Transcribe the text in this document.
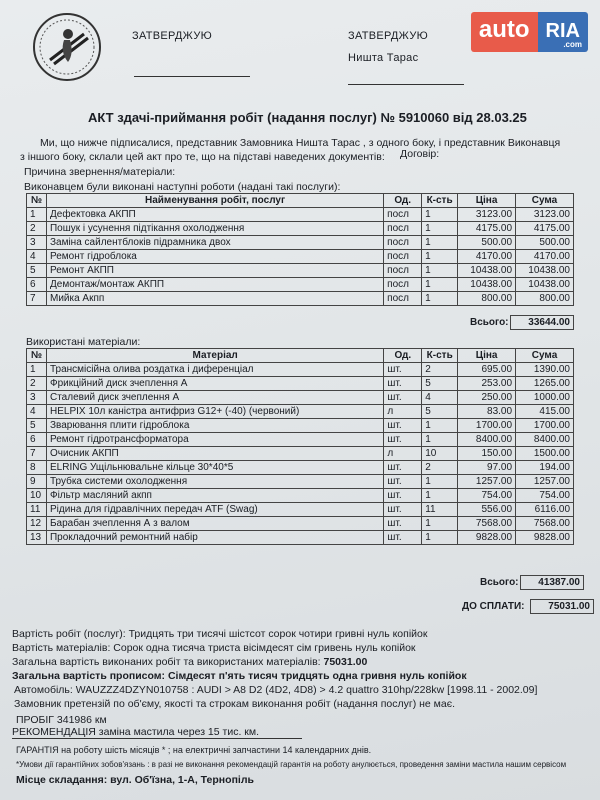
ЗАТВЕРДЖУЮ	ЗАТВЕРДЖУЮ
Ништа Тарас
auto RIA
.com
АКТ здачі-приймання робіт (надання послуг) № 5910060 від 28.03.25
Ми, що нижче підписалися, представник Замовника Ништа Тарас , з одного боку, і представник Виконавця
з іншого боку, склали цей акт про те, що на підставі наведених документів: Договір:
Причина звернення/матеріали:
Виконавцем були виконані наступні роботи (надані такі послуги):
№	Найменування робіт, послуг	Од.	К-сть	Ціна	Сума
1	Дефектовка АКПП	посл	1	3123.00	3123.00
2	Пошук і усунення підтікання охолодження	посл	1	4175.00	4175.00
3	Заміна сайлентблоків підрамника двох	посл	1	500.00	500.00
4	Ремонт гідроблока	посл	1	4170.00	4170.00
5	Ремонт АКПП	посл	1	10438.00	10438.00
6	Демонтаж/монтаж АКПП	посл	1	10438.00	10438.00
7	Мийка Акпп	посл	1	800.00	800.00
Всього:	33644.00
Використані матеріали:
№	Матеріал	Од.	К-сть	Ціна	Сума
1	Трансмісійна олива роздатка і диференціал	шт.	2	695.00	1390.00
2	Фрикційний диск зчеплення А	шт.	5	253.00	1265.00
3	Сталевий диск зчеплення А	шт.	4	250.00	1000.00
4	HELPIX 10л каністра антифриз G12+ (-40) (червоний)	л	5	83.00	415.00
5	Зварювання плити гідроблока	шт.	1	1700.00	1700.00
6	Ремонт гідротрансформатора	шт.	1	8400.00	8400.00
7	Очисник АКПП	л	10	150.00	1500.00
8	ELRING Ущільнювальне кільце 30*40*5	шт.	2	97.00	194.00
9	Трубка системи охолодження	шт.	1	1257.00	1257.00
10	Фільтр масляний акпп	шт.	1	754.00	754.00
11	Рідина для гідравлічних передач ATF (Swag)	шт.	11	556.00	6116.00
12	Барабан зчеплення А з валом	шт.	1	7568.00	7568.00
13	Прокладочний ремонтний набір	шт.	1	9828.00	9828.00
Всього:	41387.00
ДО СПЛАТИ:	75031.00
Вартість робіт (послуг): Тридцять три тисячі шістсот сорок чотири гривні нуль копійок
Вартість матеріалів: Сорок одна тисяча триста вісімдесят сім гривень нуль копійок
Загальна вартість виконаних робіт та використаних матеріалів: 75031.00
Загальна вартість прописом: Сімдесят п'ять тисяч тридцять одна гривня нуль копійок
Автомобіль: WAUZZZ4DZYN010758 : AUDI > A8 D2 (4D2, 4D8) > 4.2 quattro 310hp/228kw [1998.11 - 2002.09]
Замовник претензій по об'єму, якості та строкам виконання робіт (надання послуг) не має.
ПРОБІГ 341986 км
РЕКОМЕНДАЦІЯ заміна мастила через 15 тис. км.
ГАРАНТІЯ на роботу шість місяців * ; на електричні запчастини 14 календарних днів.
*Умови дії гарантійних зобов'язань : в разі не виконання рекомендацій гарантія на роботу анулюється, проведення заміни мастила нашим сервісом
Місце складання: вул. Об'їзна, 1-А, Тернопіль
